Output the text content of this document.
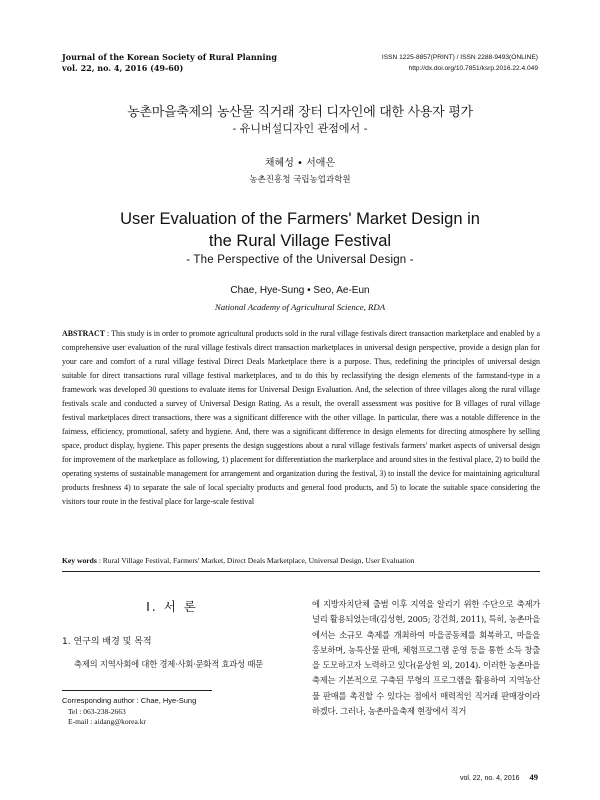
Journal of the Korean Society of Rural Planning
vol. 22, no. 4, 2016 (49-60)
ISSN 1225-8857(PRINT) / ISSN 2288-9493(ONLINE)
http://dx.doi.org/10.7851/ksrp.2016.22.4.049
농촌마을축제의 농산물 직거래 장터 디자인에 대한 사용자 평가
- 유니버설디자인 관점에서 -
채혜성 • 서애은
농촌진흥청 국립농업과학원
User Evaluation of the Farmers' Market Design in
the Rural Village Festival
- The Perspective of the Universal Design -
Chae, Hye-Sung • Seo, Ae-Eun
National Academy of Agricultural Science, RDA
ABSTRACT : This study is in order to promote agricultural products sold in the rural village festivals direct transaction marketplace and enabled by a comprehensive user evaluation of the rural village festivals direct transaction marketplaces in universal design perspective, provide a design plan for your care and comfort of a rural village festival Direct Deals Marketplace there is a purpose. Thus, redefining the principles of universal design suitable for direct transactions rural village festival marketplaces, and to do this by reclassifying the design elements of the farmstand-type in a framework was developed 30 questions to evaluate items for Universal Design Evaluation. And, the selection of three villages along the rural village festivals scale and conducted a survey of Universal Design Rating. As a result, the overall assessment was positive for B villages of rural village festival marketplaces direct transactions, there was a significant difference with the other village. In particular, there was a notable difference in the fairness, efficiency, promotional, safety and hygiene. And, there was a significant difference in design elements for directing atmosphere by selling space, product display, hygiene. This paper presents the design suggestions about a rural village festivals farmers' market aspects of universal design for improvement of the marketplace as following, 1) placement for differentiation the markerplace and around sites in the festival place, 2) to build the operating systems of sustainable management for arrangement and organization during the festival, 3) to install the device for maintaining agricultural products freshness 4) to separate the sale of local specialty products and general food products, and 5) to locate the suitable space considering the visitors tour route in the festival place for large-scale festival
Key words : Rural Village Festival, Farmers' Market, Direct Deals Marketplace, Universal Design, User Evaluation
I. 서 론
1. 연구의 배경 및 목적
축제의 지역사회에 대한 경제·사회·문화적 효과성 때문
Corresponding author : Chae, Hye-Sung
Tel : 063-238-2663
E-mail : aidang@korea.kr
에 지방자치단체 출범 이후 지역을 알리기 위한 수단으로 축제가 널리 활용되었는데(김성현, 2005; 강건희, 2011), 특히, 농촌마을에서는 소규모 축제를 개최하여 마을공동체를 회복하고, 마을을 홍보하며, 농특산물 판매, 체험프로그램 운영 등을 통한 소득 창출을 도모하고자 노력하고 있다(윤상헌 외, 2014). 이러한 농촌마을축제는 기본적으로 구축된 무형의 프로그램을 활용하여 지역농산물 판매를 촉진할 수 있다는 점에서 매력적인 직거래 판매장이라 하겠다. 그러나, 농촌마을축제 현장에서 직거
vol. 22, no. 4, 2016 49
